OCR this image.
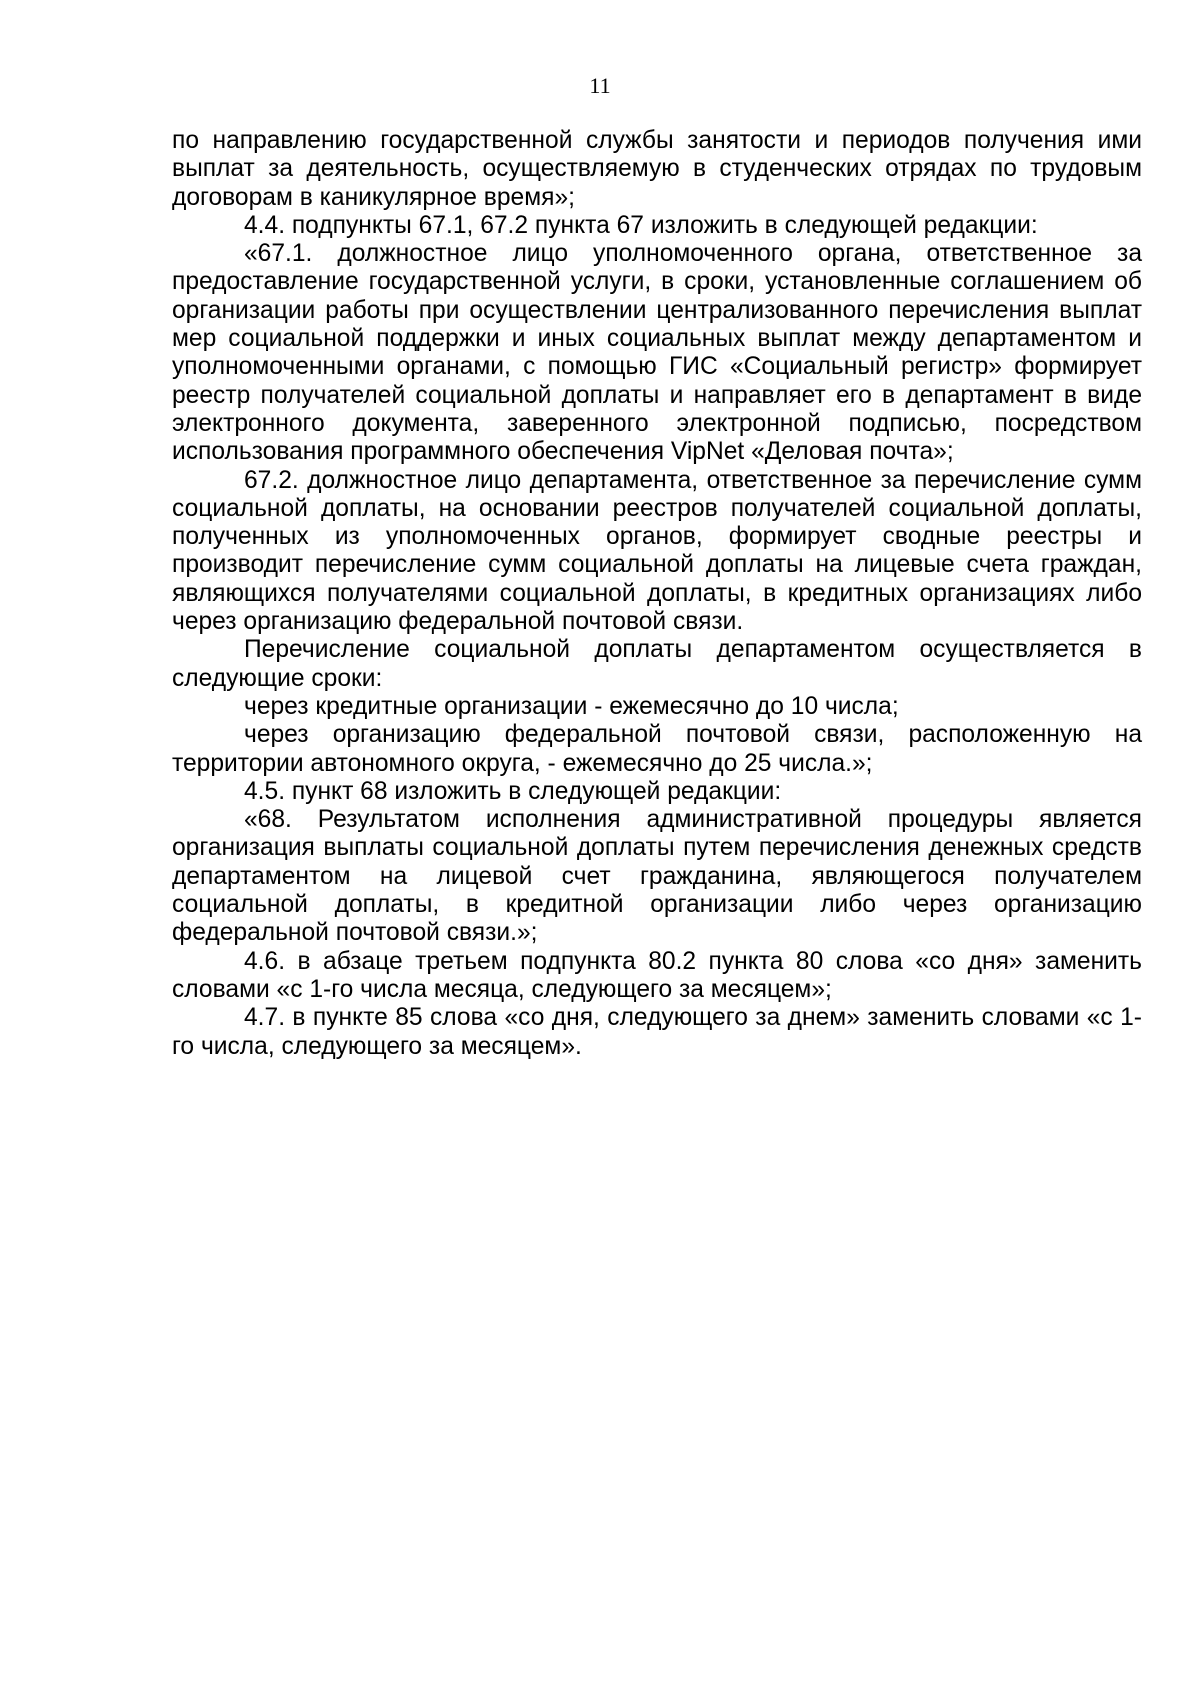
11

по направлению государственной службы занятости и периодов получения ими выплат за деятельность, осуществляемую в студенческих отрядах по трудовым договорам в каникулярное время»;

4.4. подпункты 67.1, 67.2 пункта 67 изложить в следующей редакции:

«67.1. должностное лицо уполномоченного органа, ответственное за предоставление государственной услуги, в сроки, установленные соглашением об организации работы при осуществлении централизованного перечисления выплат мер социальной поддержки и иных социальных выплат между департаментом и уполномоченными органами, с помощью ГИС «Социальный регистр» формирует реестр получателей социальной доплаты и направляет его в департамент в виде электронного документа, заверенного электронной подписью, посредством использования программного обеспечения VipNet «Деловая почта»;

67.2. должностное лицо департамента, ответственное за перечисление сумм социальной доплаты, на основании реестров получателей социальной доплаты, полученных из уполномоченных органов, формирует сводные реестры и производит перечисление сумм социальной доплаты на лицевые счета граждан, являющихся получателями социальной доплаты, в кредитных организациях либо через организацию федеральной почтовой связи.

Перечисление социальной доплаты департаментом осуществляется в следующие сроки:

через кредитные организации - ежемесячно до 10 числа;

через организацию федеральной почтовой связи, расположенную на территории автономного округа, - ежемесячно до 25 числа.»;

4.5. пункт 68 изложить в следующей редакции:

«68. Результатом исполнения административной процедуры является организация выплаты социальной доплаты путем перечисления денежных средств департаментом на лицевой счет гражданина, являющегося получателем социальной доплаты, в кредитной организации либо через организацию федеральной почтовой связи.»;

4.6. в абзаце третьем подпункта 80.2 пункта 80 слова «со дня» заменить словами «с 1-го числа месяца, следующего за месяцем»;

4.7. в пункте 85 слова «со дня, следующего за днем» заменить словами «с 1-го числа, следующего за месяцем».
